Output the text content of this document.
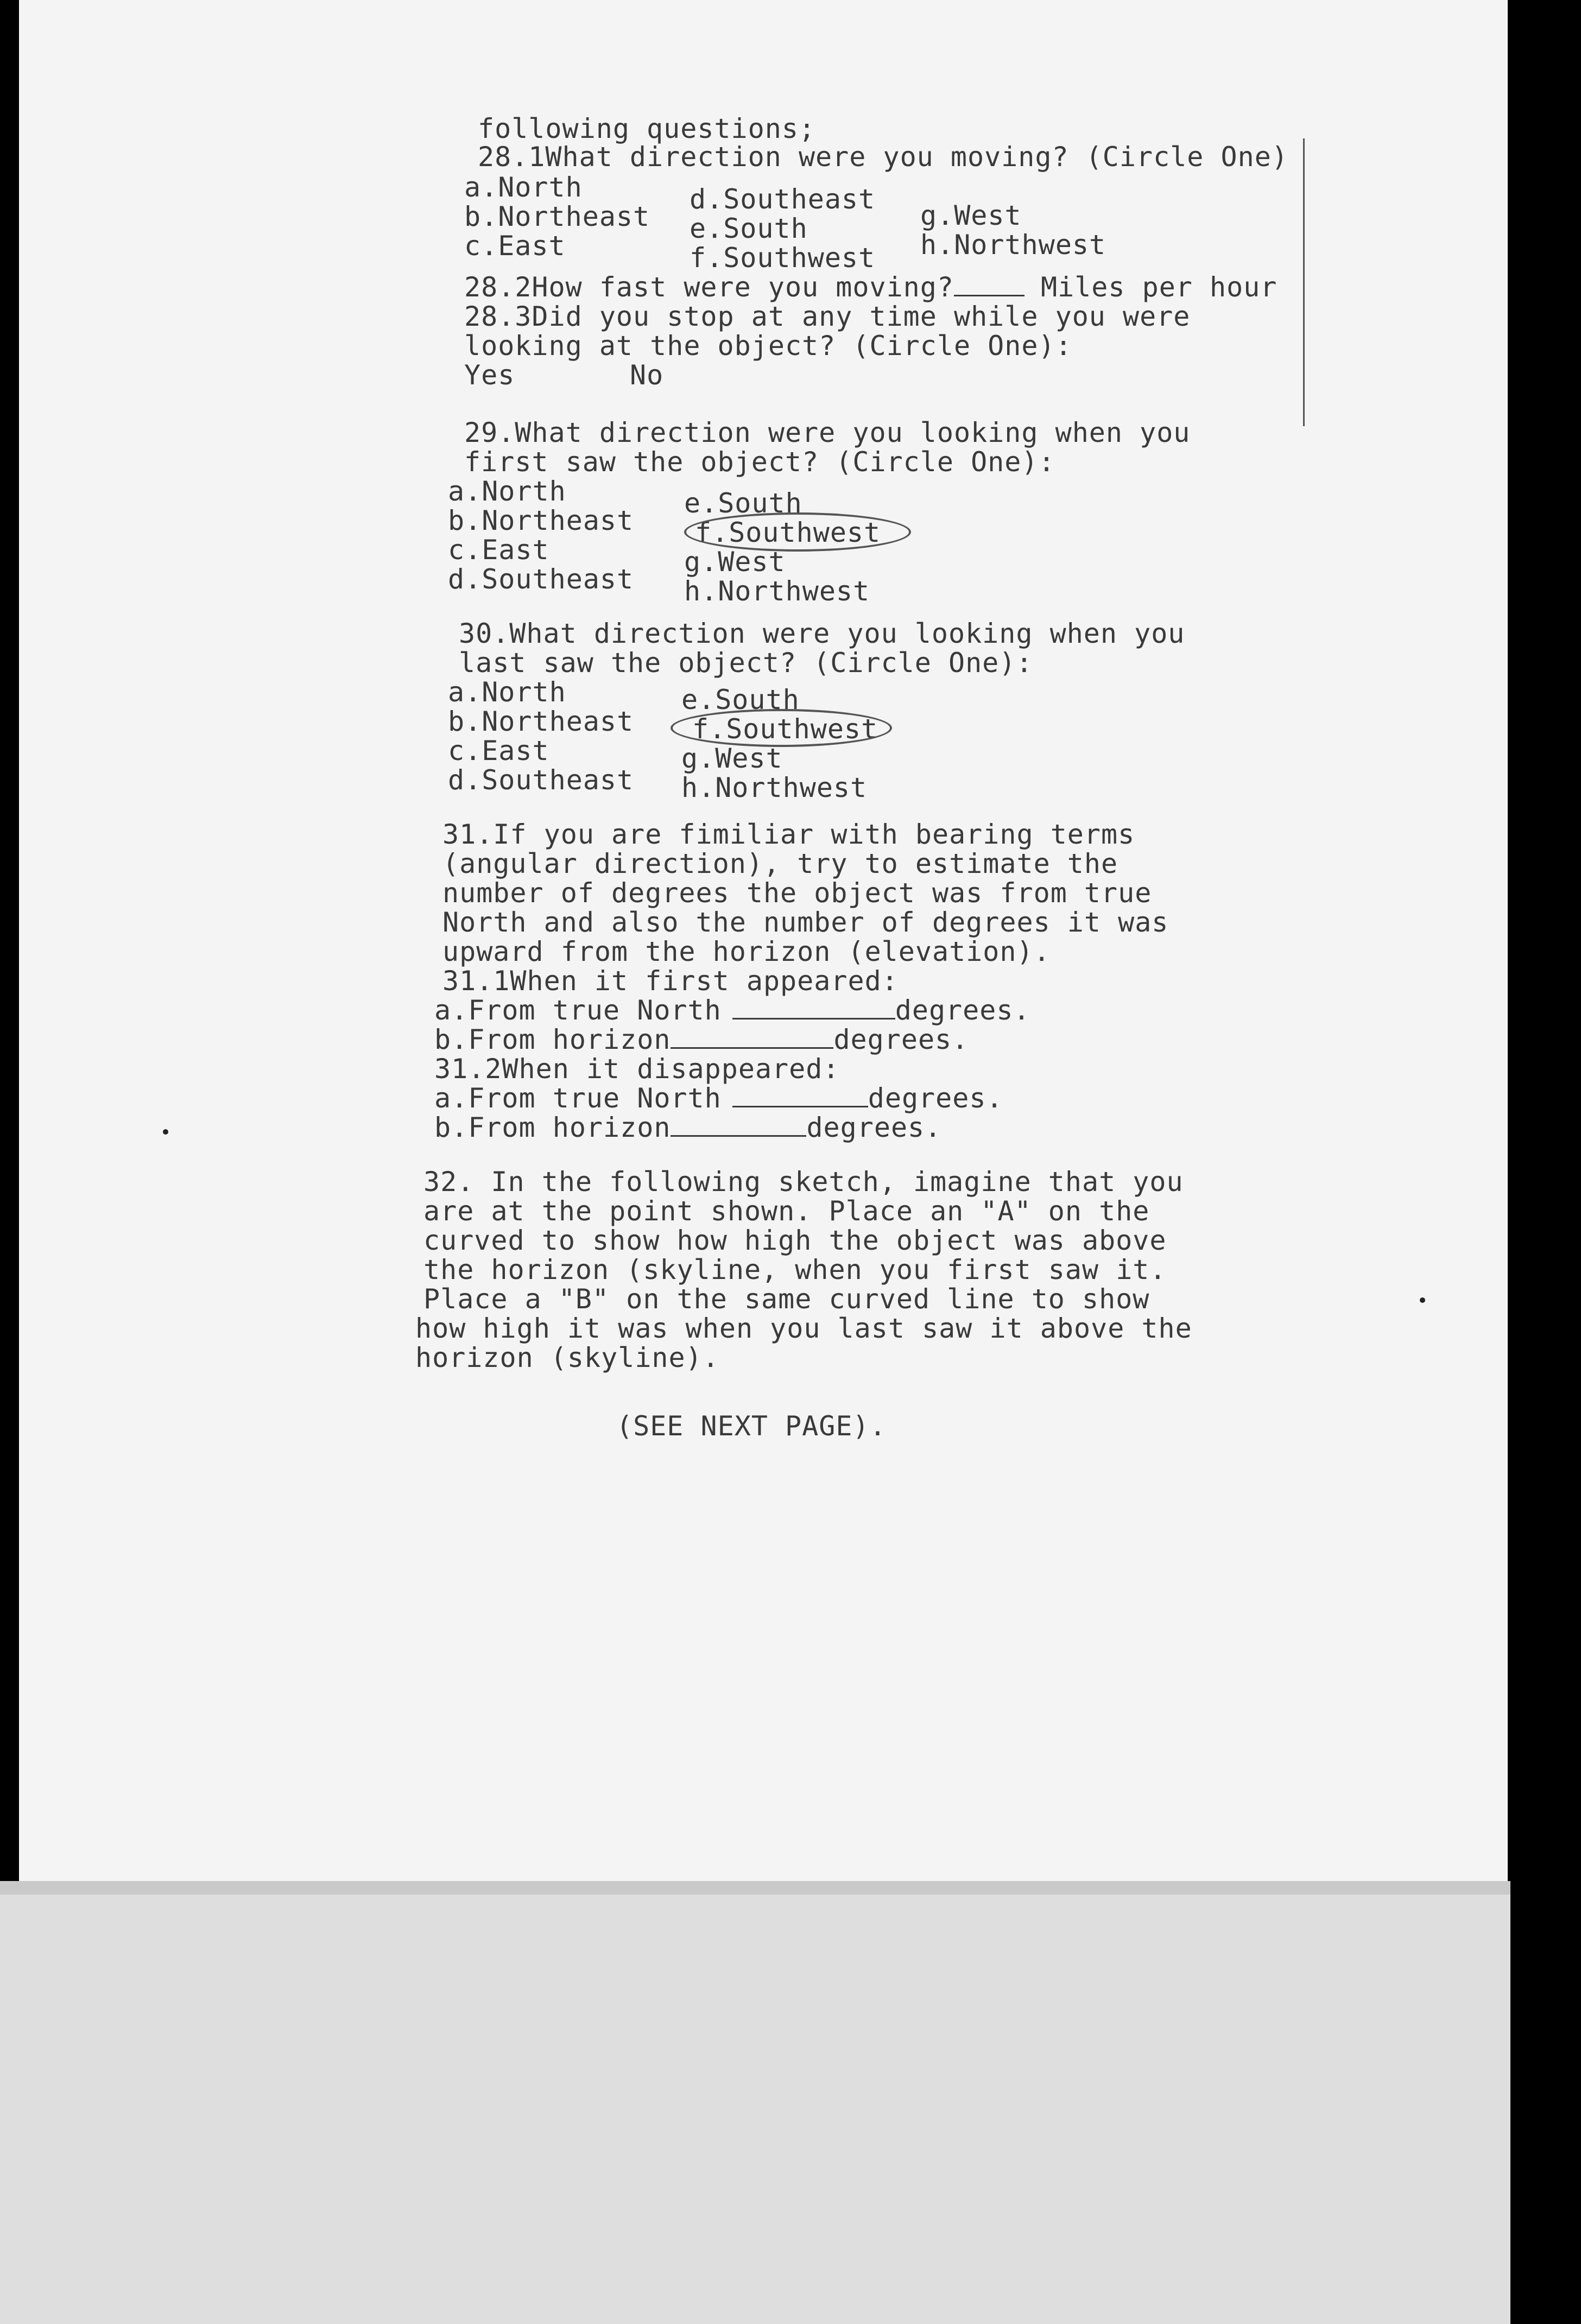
following questions;
28.1What direction were you moving? (Circle One)
a.North
b.Northeast
c.East
d.Southeast
e.South
f.Southwest
g.West
h.Northwest
28.2How fast were you moving?	Miles per hour
28.3Did you stop at any time while you were
looking at the object? (Circle One):
Yes	No
29.What direction were you looking when you
first saw the object? (Circle One):
a.North
b.Northeast
c.East
d.Southeast
e.South
f.Southwest
g.West
h.Northwest
30.What direction were you looking when you
last saw the object? (Circle One):
a.North
b.Northeast
c.East
d.Southeast
e.South
f.Southwest
g.West
h.Northwest
31.If you are fimiliar with bearing terms
(angular direction), try to estimate the
number of degrees the object was from true
North and also the number of degrees it was
upward from the horizon (elevation).
31.1When it first appeared:
a.From true North	degrees.
b.From horizon	degrees.
31.2When it disappeared:
a.From true North	degrees.
b.From horizon	degrees.
32. In the following sketch, imagine that you
are at the point shown. Place an "A" on the
curved to show how high the object was above
the horizon (skyline, when you first saw it.
Place a "B" on the same curved line to show
how high it was when you last saw it above the
horizon (skyline).
(SEE NEXT PAGE).
